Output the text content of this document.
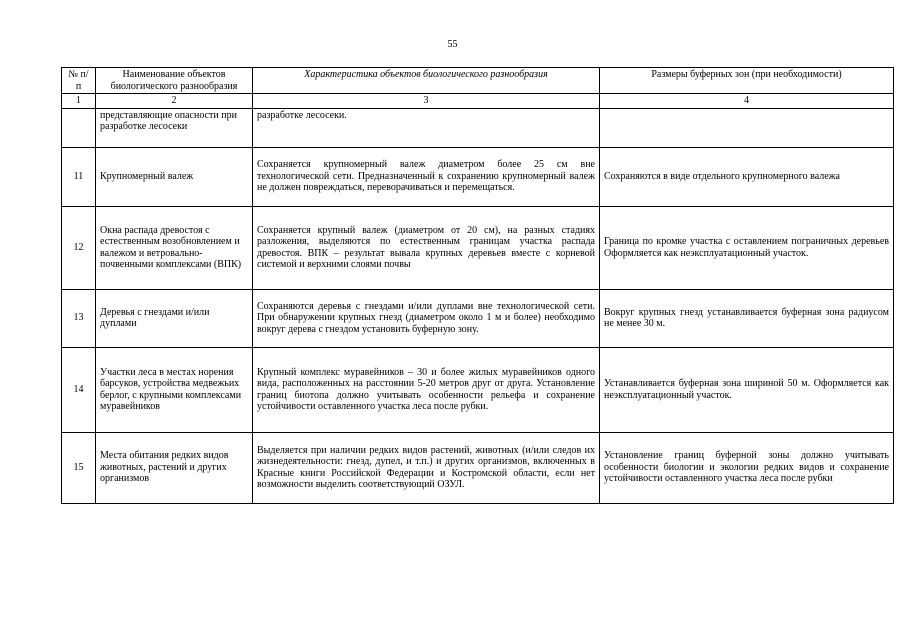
55
№ п/п	Наименование объектов биологического разнообразия	Характеристика объектов биологического разнообразия	Размеры буферных зон (при необходимости)
1	2	3	4
	представляющие опасности при разработке лесосеки	разработке лесосеки.	
11	Крупномерный валеж	Сохраняется крупномерный валеж диаметром более 25 см вне технологической сети. Предназначенный к сохранению крупномерный валеж не должен повреждаться, переворачиваться и перемещаться.	Сохраняются в виде отдельного крупномерного валежа
12	Окна распада древостоя с естественным возобновлением и валежом и ветровально-почвенными комплексами (ВПК)	Сохраняется крупный валеж (диаметром от 20 см), на разных стадиях разложения, выделяются по естественным границам участка распада древостоя. ВПК – результат вывала крупных деревьев вместе с корневой системой и верхними слоями почвы	Граница по кромке участка с оставлением пограничных деревьев Оформляется как неэксплуатационный участок.
13	Деревья с гнездами и/или дуплами	Сохраняются деревья с гнездами и/или дуплами вне технологической сети. При обнаружении крупных гнезд (диаметром около 1 м и более) необходимо вокруг дерева с гнездом установить буферную зону.	Вокруг крупных гнезд устанавливается буферная зона радиусом не менее 30 м.
14	Участки леса в местах норения барсуков, устройства медвежьих берлог, с крупными комплексами муравейников	Крупный комплекс муравейников – 30 и более жилых муравейников одного вида, расположенных на расстоянии 5-20 метров друг от друга. Установление границ биотопа должно учитывать особенности рельефа и сохранение устойчивости оставленного участка леса после рубки.	Устанавливается буферная зона шириной 50 м. Оформляется как неэксплуатационный участок.
15	Места обитания редких видов животных, растений и других организмов	Выделяется при наличии редких видов растений, животных (и/или следов их жизнедеятельности: гнезд, дупел, и т.п.) и других организмов, включенных в Красные книги Российской Федерации и Костромской области, если нет возможности выделить соответствующий ОЗУЛ.	Установление границ буферной зоны должно учитывать особенности биологии и экологии редких видов и сохранение устойчивости оставленного участка леса после рубки
